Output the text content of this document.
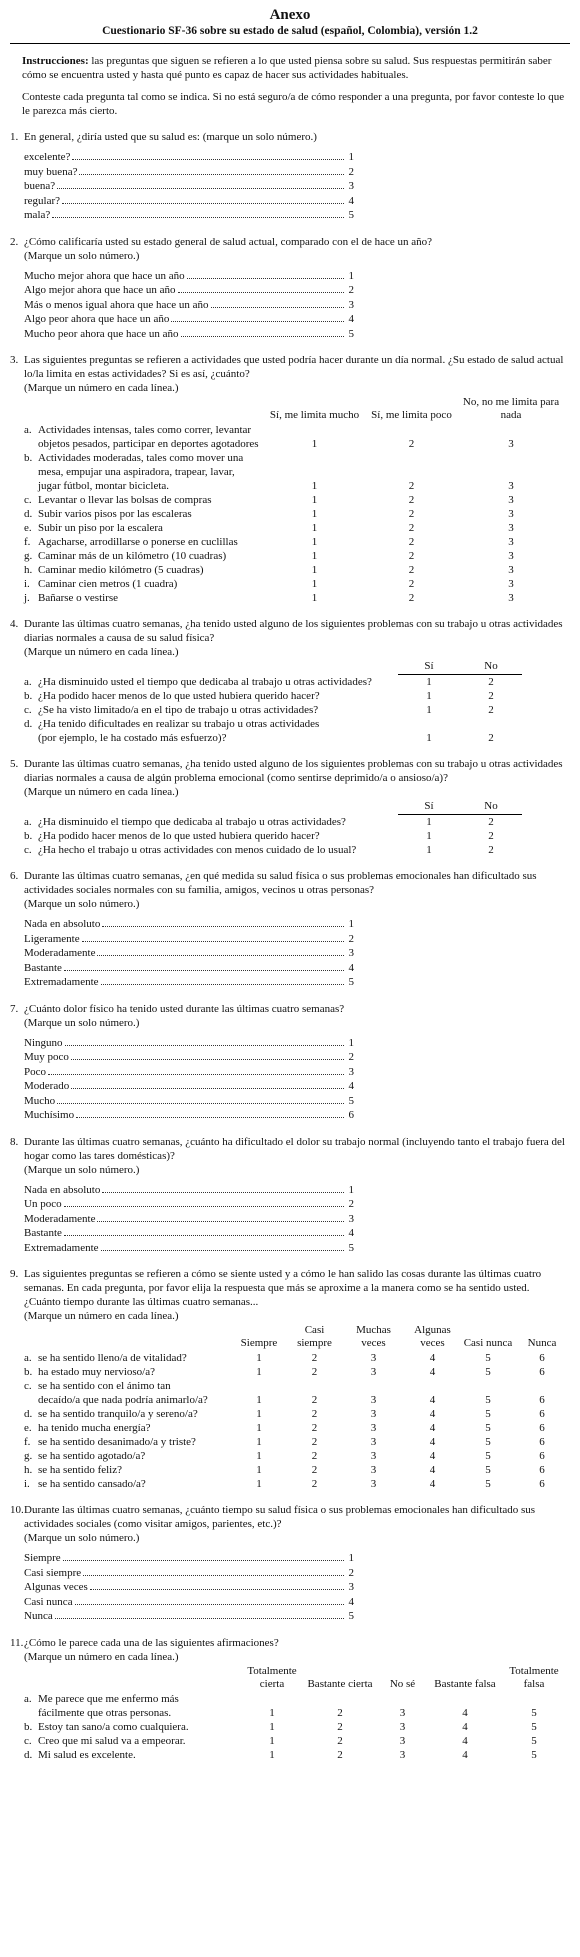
Anexo
Cuestionario SF-36 sobre su estado de salud (español, Colombia), versión 1.2

Instrucciones: las preguntas que siguen se refieren a lo que usted piensa sobre su salud. Sus respuestas permitirán saber cómo se encuentra usted y hasta qué punto es capaz de hacer sus actividades habituales.

Conteste cada pregunta tal como se indica. Si no está seguro/a de cómo responder a una pregunta, por favor conteste lo que le parezca más cierto.

1. En general, ¿diría usted que su salud es: (marque un solo número.)
excelente?	1
muy buena?	2
buena?	3
regular?	4
mala?	5
2. ¿Cómo calificaría usted su estado general de salud actual, comparado con el de hace un año?
(Marque un solo número.)
Mucho mejor ahora que hace un año	1
Algo mejor ahora que hace un año	2
Más o menos igual ahora que hace un año	3
Algo peor ahora que hace un año	4
Mucho peor ahora que hace un año	5
3. Las siguientes preguntas se refieren a actividades que usted podría hacer durante un día normal. ¿Su estado de salud actual lo/la limita en estas actividades? Si es así, ¿cuánto?
(Marque un número en cada línea.)
		Sí, me limita mucho	Sí, me limita poco	No, no me limita para nada
a.	Actividades intensas, tales como correr, levantar
objetos pesados, participar en deportes agotadores	1	2	3
b.	Actividades moderadas, tales como mover una
mesa, empujar una aspiradora, trapear, lavar,
jugar fútbol, montar bicicleta.	1	2	3
c.	Levantar o llevar las bolsas de compras	1	2	3
d.	Subir varios pisos por las escaleras	1	2	3
e.	Subir un piso por la escalera	1	2	3
f.	Agacharse, arrodillarse o ponerse en cuclillas	1	2	3
g.	Caminar más de un kilómetro (10 cuadras)	1	2	3
h.	Caminar medio kilómetro (5 cuadras)	1	2	3
i.	Caminar cien metros (1 cuadra)	1	2	3
j.	Bañarse o vestirse	1	2	3
4. Durante las últimas cuatro semanas, ¿ha tenido usted alguno de los siguientes problemas con su trabajo u otras actividades diarias normales a causa de su salud física?
(Marque un número en cada línea.)
		Sí	No
a.	¿Ha disminuido usted el tiempo que dedicaba al trabajo u otras actividades?	1	2
b.	¿Ha podido hacer menos de lo que usted hubiera querido hacer?	1	2
c.	¿Se ha visto limitado/a en el tipo de trabajo u otras actividades?	1	2
d.	¿Ha tenido dificultades en realizar su trabajo u otras actividades
(por ejemplo, le ha costado más esfuerzo)?	1	2
5. Durante las últimas cuatro semanas, ¿ha tenido usted alguno de los siguientes problemas con su trabajo u otras actividades diarias normales a causa de algún problema emocional (como sentirse deprimido/a o ansioso/a)?
(Marque un número en cada línea.)
		Sí	No
a.	¿Ha disminuido el tiempo que dedicaba al trabajo u otras actividades?	1	2
b.	¿Ha podido hacer menos de lo que usted hubiera querido hacer?	1	2
c.	¿Ha hecho el trabajo u otras actividades con menos cuidado de lo usual?	1	2
6. Durante las últimas cuatro semanas, ¿en qué medida su salud física o sus problemas emocionales han dificultado sus actividades sociales normales con su familia, amigos, vecinos u otras personas?
(Marque un solo número.)
Nada en absoluto	1
Ligeramente	2
Moderadamente	3
Bastante	4
Extremadamente	5
7. ¿Cuánto dolor físico ha tenido usted durante las últimas cuatro semanas?
(Marque un solo número.)
Ninguno	1
Muy poco	2
Poco	3
Moderado	4
Mucho	5
Muchísimo	6
8. Durante las últimas cuatro semanas, ¿cuánto ha dificultado el dolor su trabajo normal (incluyendo tanto el trabajo fuera del hogar como las tares domésticas)?
(Marque un solo número.)
Nada en absoluto	1
Un poco	2
Moderadamente	3
Bastante	4
Extremadamente	5
9. Las siguientes preguntas se refieren a cómo se siente usted y a cómo le han salido las cosas durante las últimas cuatro semanas. En cada pregunta, por favor elija la respuesta que más se aproxime a la manera como se ha sentido usted.
¿Cuánto tiempo durante las últimas cuatro semanas...
(Marque un número en cada línea.)
		Siempre	Casi siempre	Muchas veces	Algunas veces	Casi nunca	Nunca
a.	se ha sentido lleno/a de vitalidad?	1	2	3	4	5	6
b.	ha estado muy nervioso/a?	1	2	3	4	5	6
c.	se ha sentido con el ánimo tan
decaído/a que nada podría animarlo/a?	1	2	3	4	5	6
d.	se ha sentido tranquilo/a y sereno/a?	1	2	3	4	5	6
e.	ha tenido mucha energía?	1	2	3	4	5	6
f.	se ha sentido desanimado/a y triste?	1	2	3	4	5	6
g.	se ha sentido agotado/a?	1	2	3	4	5	6
h.	se ha sentido feliz?	1	2	3	4	5	6
i.	se ha sentido cansado/a?	1	2	3	4	5	6
10. Durante las últimas cuatro semanas, ¿cuánto tiempo su salud física o sus problemas emocionales han dificultado sus actividades sociales (como visitar amigos, parientes, etc.)?
(Marque un solo número.)
Siempre	1
Casi siempre	2
Algunas veces	3
Casi nunca	4
Nunca	5
11. ¿Cómo le parece cada una de las siguientes afirmaciones?
(Marque un número en cada línea.)
		Totalmente cierta	Bastante cierta	No sé	Bastante falsa	Totalmente falsa
a.	Me parece que me enfermo más
fácilmente que otras personas.	1	2	3	4	5
b.	Estoy tan sano/a como cualquiera.	1	2	3	4	5
c.	Creo que mi salud va a empeorar.	1	2	3	4	5
d.	Mi salud es excelente.	1	2	3	4	5
